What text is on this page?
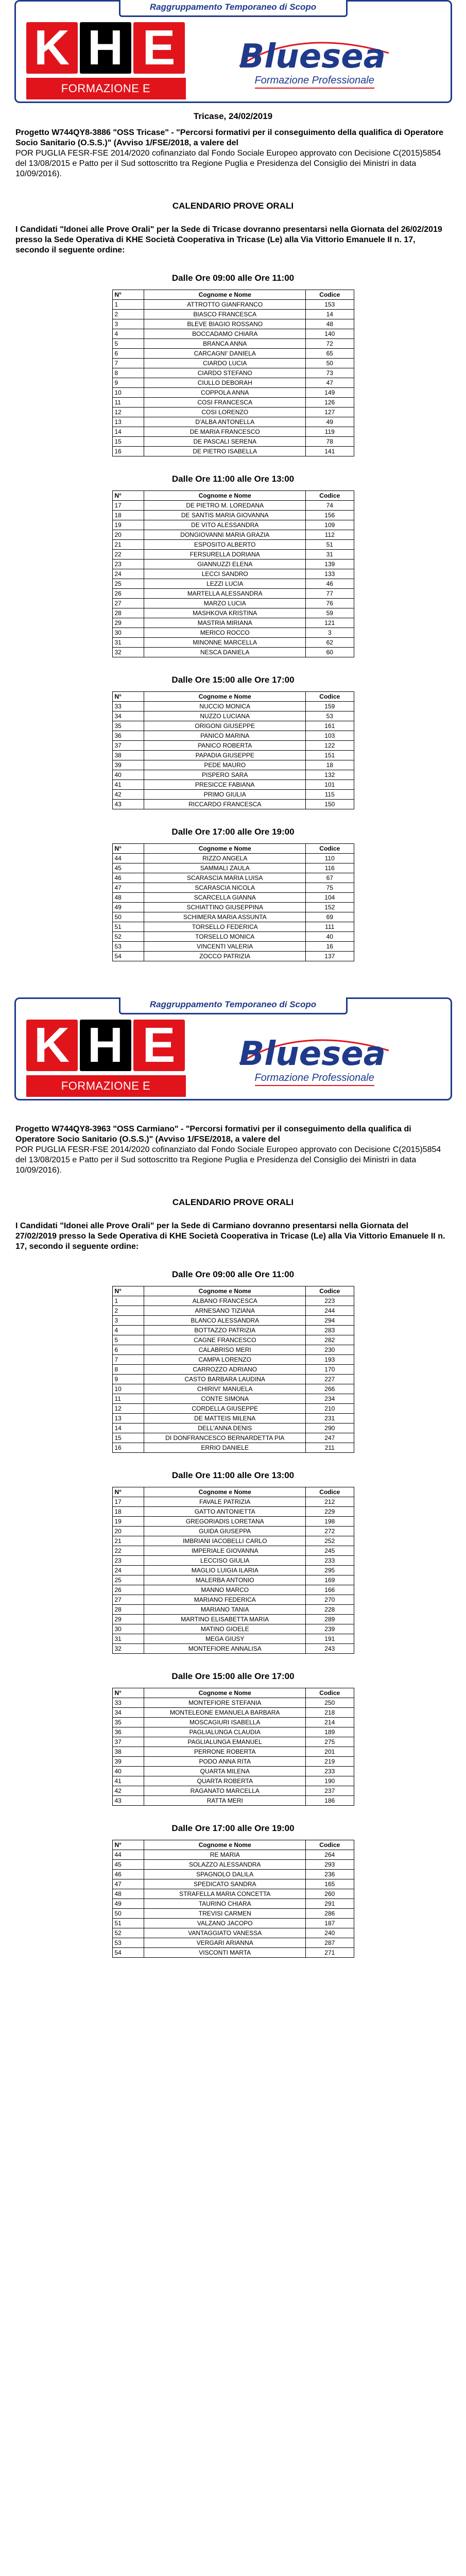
Raggruppamento Temporaneo di Scopo
K H E
FORMAZIONE E CONSULENZA
Bluesea
Formazione Professionale
Tricase, 24/02/2019
Progetto W744QY8-3886 "OSS Tricase" - "Percorsi formativi per il conseguimento della qualifica di Operatore Socio Sanitario (O.S.S.)" (Avviso 1/FSE/2018, a valere del
POR PUGLIA FESR-FSE 2014/2020 cofinanziato dal Fondo Sociale Europeo approvato con Decisione C(2015)5854 del 13/08/2015 e Patto per il Sud sottoscritto tra Regione Puglia e Presidenza del Consiglio dei Ministri in data 10/09/2016).
CALENDARIO PROVE ORALI
I Candidati "Idonei alle Prove Orali" per la Sede di Tricase dovranno presentarsi nella Giornata del 26/02/2019 presso la Sede Operativa di KHE Società Cooperativa in Tricase (Le) alla Via Vittorio Emanuele II n. 17, secondo il seguente ordine:
Dalle Ore 09:00 alle Ore 11:00
N°	Cognome e Nome	Codice
1	ATTROTTO GIANFRANCO	153
2	BIASCO FRANCESCA	14
3	BLEVE BIAGIO ROSSANO	48
4	BOCCADAMO CHIARA	140
5	BRANCA ANNA	72
6	CARCAGNI' DANIELA	65
7	CIARDO LUCIA	50
8	CIARDO STEFANO	73
9	CIULLO DEBORAH	47
10	COPPOLA ANNA	149
11	COSI FRANCESCA	126
12	COSI LORENZO	127
13	D'ALBA ANTONELLA	49
14	DE MARIA FRANCESCO	119
15	DE PASCALI SERENA	78
16	DE PIETRO ISABELLA	141
Dalle Ore 11:00 alle Ore 13:00
N°	Cognome e Nome	Codice
17	DE PIETRO M. LOREDANA	74
18	DE SANTIS MARIA GIOVANNA	156
19	DE VITO ALESSANDRA	109
20	DONGIOVANNI MARIA GRAZIA	112
21	ESPOSITO ALBERTO	51
22	FERSURELLA DORIANA	31
23	GIANNUZZI ELENA	139
24	LECCI SANDRO	133
25	LEZZI LUCIA	46
26	MARTELLA ALESSANDRA	77
27	MARZO LUCIA	76
28	MASHKOVA KRISTINA	59
29	MASTRIA MIRIANA	121
30	MERICO ROCCO	3
31	MINONNE MARCELLA	62
32	NESCA DANIELA	60
Dalle Ore 15:00 alle Ore 17:00
N°	Cognome e Nome	Codice
33	NUCCIO MONICA	159
34	NUZZO LUCIANA	53
35	ORIGONI GIUSEPPE	161
36	PANICO MARINA	103
37	PANICO ROBERTA	122
38	PAPADIA GIUSEPPE	151
39	PEDE MAURO	18
40	PISPERO SARA	132
41	PRESICCE FABIANA	101
42	PRIMO GIULIA	115
43	RICCARDO FRANCESCA	150
Dalle Ore 17:00 alle Ore 19:00
N°	Cognome e Nome	Codice
44	RIZZO ANGELA	110
45	SAMMALI ZAULA	116
46	SCARASCIA MARIA LUISA	67
47	SCARASCIA NICOLA	75
48	SCARCELLA GIANNA	104
49	SCHIATTINO GIUSEPPINA	152
50	SCHIMERA MARIA ASSUNTA	69
51	TORSELLO FEDERICA	111
52	TORSELLO MONICA	40
53	VINCENTI VALERIA	16
54	ZOCCO PATRIZIA	137
Raggruppamento Temporaneo di Scopo
K H E
FORMAZIONE E CONSULENZA
Bluesea
Formazione Professionale
Progetto W744QY8-3963 "OSS Carmiano" - "Percorsi formativi per il conseguimento della qualifica di Operatore Socio Sanitario (O.S.S.)" (Avviso 1/FSE/2018, a valere del
POR PUGLIA FESR-FSE 2014/2020 cofinanziato dal Fondo Sociale Europeo approvato con Decisione C(2015)5854 del 13/08/2015 e Patto per il Sud sottoscritto tra Regione Puglia e Presidenza del Consiglio dei Ministri in data 10/09/2016).
CALENDARIO PROVE ORALI
I Candidati "Idonei alle Prove Orali" per la Sede di Carmiano dovranno presentarsi nella Giornata del 27/02/2019 presso la Sede Operativa di KHE Società Cooperativa in Tricase (Le) alla Via Vittorio Emanuele II n. 17, secondo il seguente ordine:
Dalle Ore 09:00 alle Ore 11:00
N°	Cognome e Nome	Codice
1	ALBANO FRANCESCA	223
2	ARNESANO TIZIANA	244
3	BLANCO ALESSANDRA	294
4	BOTTAZZO PATRIZIA	283
5	CAGNE FRANCESCO	282
6	CALABRISO MERI	230
7	CAMPA LORENZO	193
8	CARROZZO ADRIANO	170
9	CASTO BARBARA LAUDINA	227
10	CHIRIVI' MANUELA	266
11	CONTE SIMONA	234
12	CORDELLA GIUSEPPE	210
13	DE MATTEIS MILENA	231
14	DELL'ANNA DENIS	290
15	DI DONFRANCESCO BERNARDETTA PIA	247
16	ERRIO DANIELE	211
Dalle Ore 11:00 alle Ore 13:00
N°	Cognome e Nome	Codice
17	FAVALE PATRIZIA	212
18	GATTO ANTONIETTA	229
19	GREGORIADIS LORETANA	198
20	GUIDA GIUSEPPA	272
21	IMBRIANI IACOBELLI CARLO	252
22	IMPERIALE GIOVANNA	245
23	LECCISO GIULIA	233
24	MAGLIO LUIGIA ILARIA	295
25	MALERBA ANTONIO	169
26	MANNO MARCO	166
27	MARIANO FEDERICA	270
28	MARIANO TANIA	228
29	MARTINO ELISABETTA MARIA	289
30	MATINO GIOELE	239
31	MEGA GIUSY	191
32	MONTEFIORE ANNALISA	243
Dalle Ore 15:00 alle Ore 17:00
N°	Cognome e Nome	Codice
33	MONTEFIORE STEFANIA	250
34	MONTELEONE EMANUELA BARBARA	218
35	MOSCAGIURI ISABELLA	214
36	PAGLIALUNGA CLAUDIA	189
37	PAGLIALUNGA EMANUEL	275
38	PERRONE ROBERTA	201
39	PODO ANNA RITA	219
40	QUARTA MILENA	233
41	QUARTA ROBERTA	190
42	RAGANATO MARCELLA	237
43	RATTA MERI	186
Dalle Ore 17:00 alle Ore 19:00
N°	Cognome e Nome	Codice
44	RE MARIA	264
45	SOLAZZO ALESSANDRA	293
46	SPAGNOLO DALILA	236
47	SPEDICATO SANDRA	165
48	STRAFELLA MARIA CONCETTA	260
49	TAURINO CHIARA	291
50	TREVISI CARMEN	286
51	VALZANO JACOPO	187
52	VANTAGGIATO VANESSA	240
53	VERGARI ARIANNA	287
54	VISCONTI MARTA	271
